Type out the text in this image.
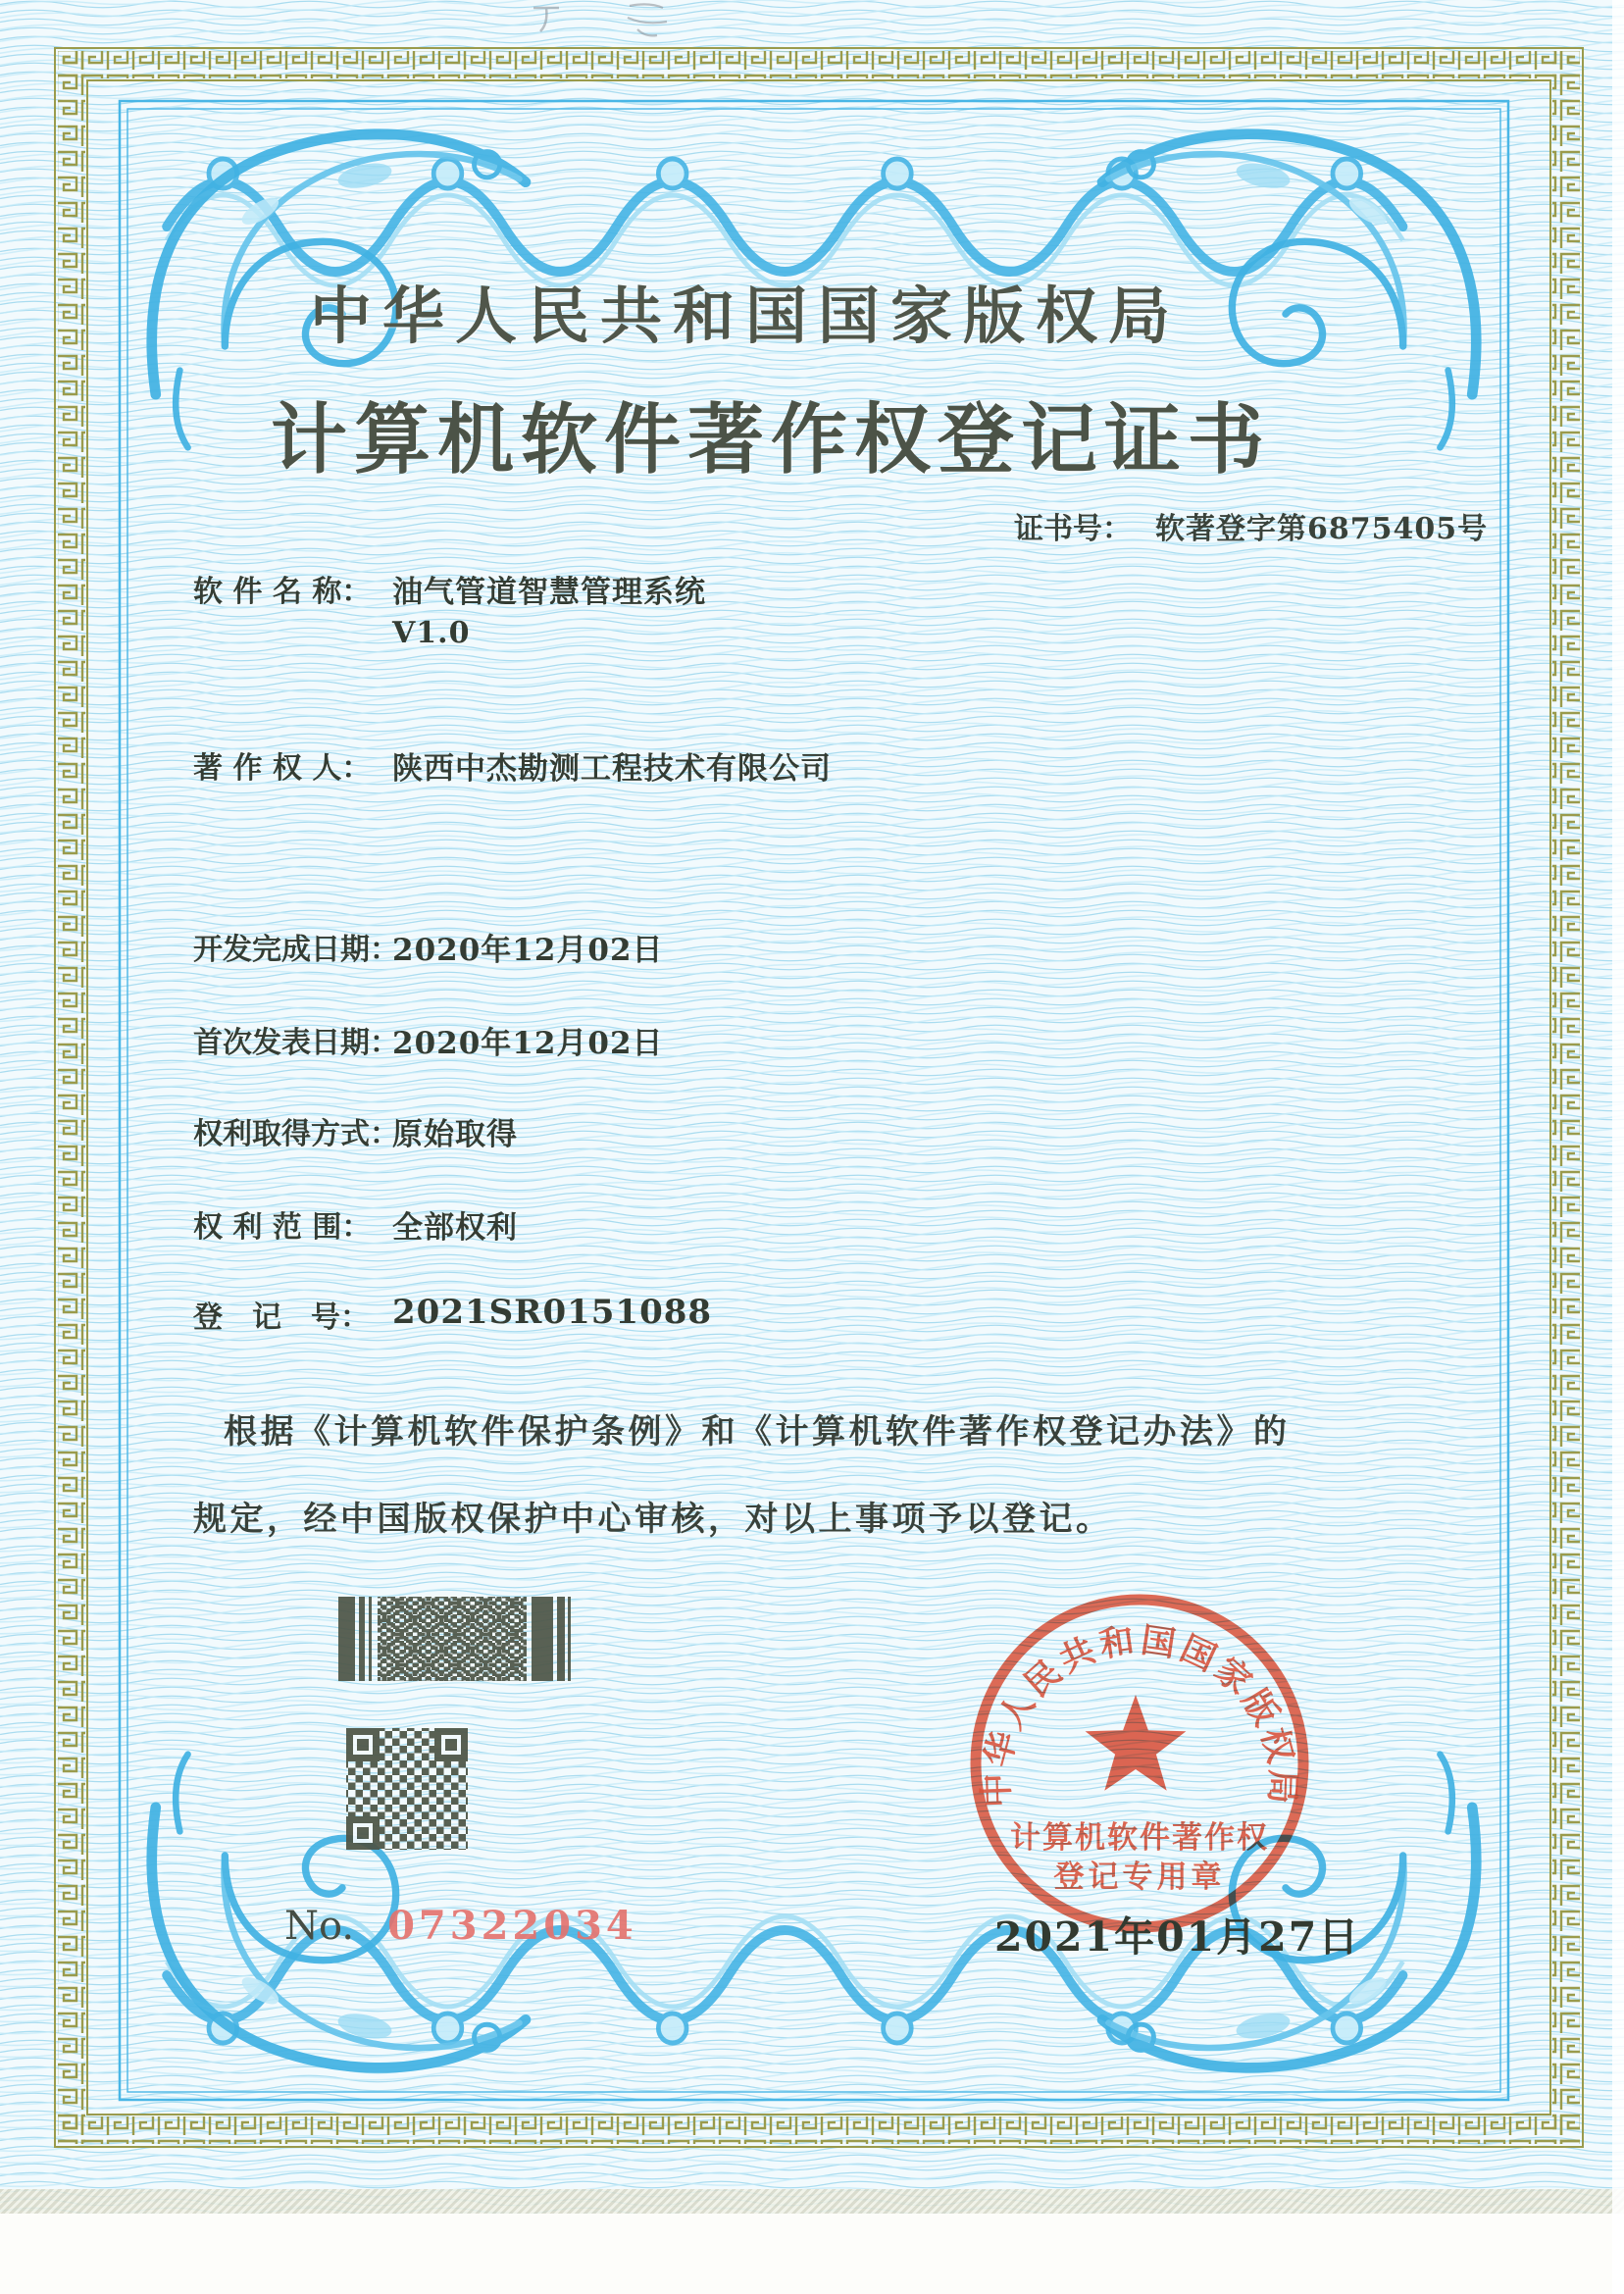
中华人民共和国国家版权局
计算机软件著作权登记证书
证书号： 软著登字第6875405号
软 件 名 称： 油气管道智慧管理系统
V1.0
著 作 权 人： 陕西中杰勘测工程技术有限公司
开发完成日期：
2020年12月02日
首次发表日期：
2020年12月02日
权利取得方式：
原始取得
权 利 范 围： 全部权利
登　记　号： 2021SR0151088
根据《计算机软件保护条例》和《计算机软件著作权登记办法》的
规定，经中国版权保护中心审核，对以上事项予以登记。
中华人民共和国国家版权局
计算机软件著作权
登记专用章
No. 07322034	2021年01月27日
